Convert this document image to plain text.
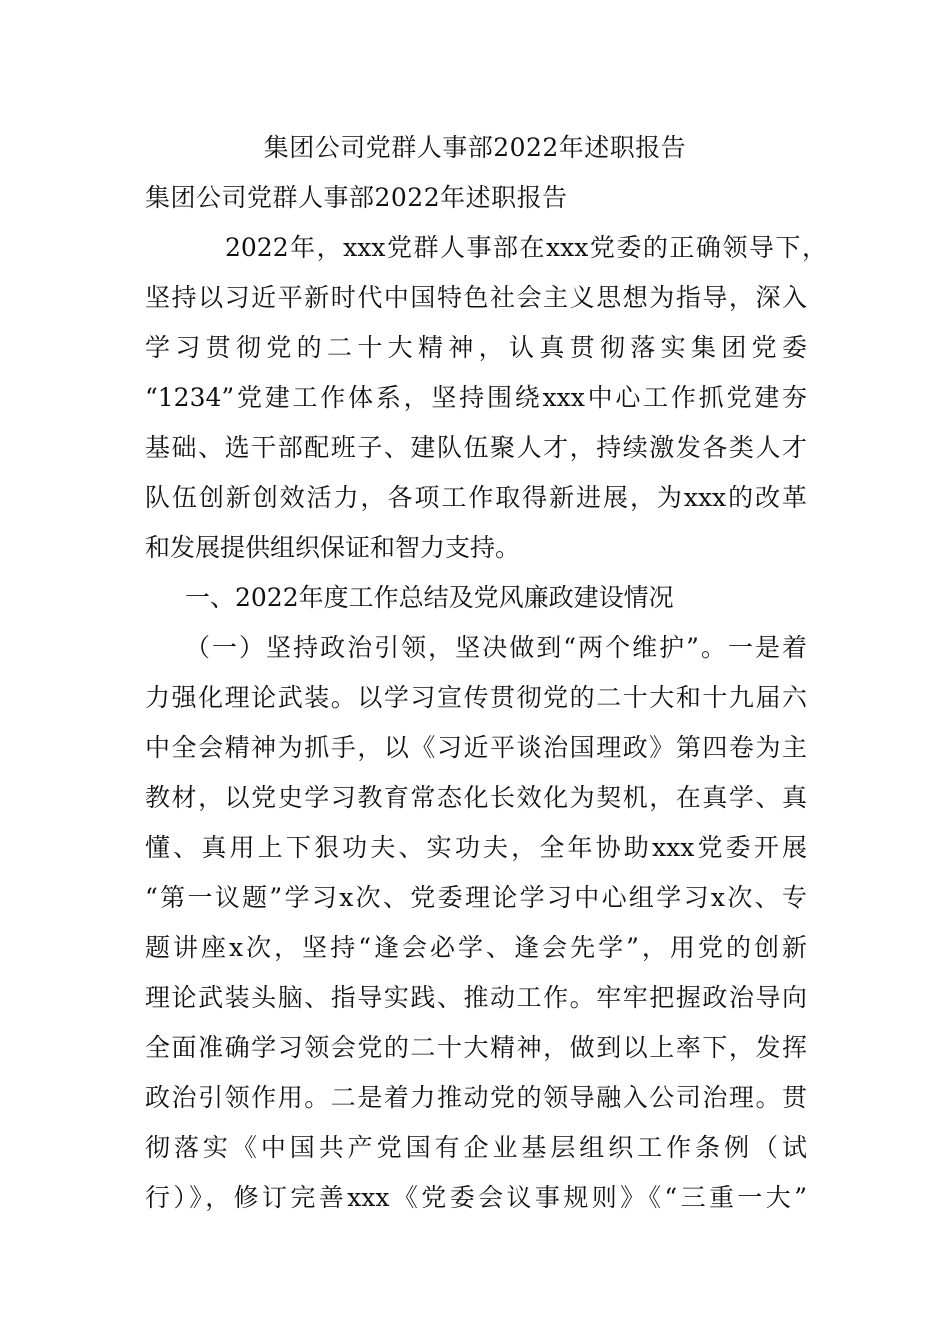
集团公司党群人事部2022年述职报告
集团公司党群人事部2022年述职报告
2022年，xxx党群人事部在xxx党委的正确领导下，
坚持以习近平新时代中国特色社会主义思想为指导，深入
学习贯彻党的二十大精神，认真贯彻落实集团党委
“1234”党建工作体系，坚持围绕xxx中心工作抓党建夯
基础、选干部配班子、建队伍聚人才，持续激发各类人才
队伍创新创效活力，各项工作取得新进展，为xxx的改革
和发展提供组织保证和智力支持。
一、2022年度工作总结及党风廉政建设情况
（一）坚持政治引领，坚决做到“两个维护”。一是着
力强化理论武装。以学习宣传贯彻党的二十大和十九届六
中全会精神为抓手，以《习近平谈治国理政》第四卷为主
教材，以党史学习教育常态化长效化为契机，在真学、真
懂、真用上下狠功夫、实功夫，全年协助xxx党委开展
“第一议题”学习x次、党委理论学习中心组学习x次、专
题讲座x次，坚持“逢会必学、逢会先学”，用党的创新
理论武装头脑、指导实践、推动工作。牢牢把握政治导向
全面准确学习领会党的二十大精神，做到以上率下，发挥
政治引领作用。二是着力推动党的领导融入公司治理。贯
彻落实《中国共产党国有企业基层组织工作条例（试
行）》，修订完善xxx《党委会议事规则》《“三重一大”
